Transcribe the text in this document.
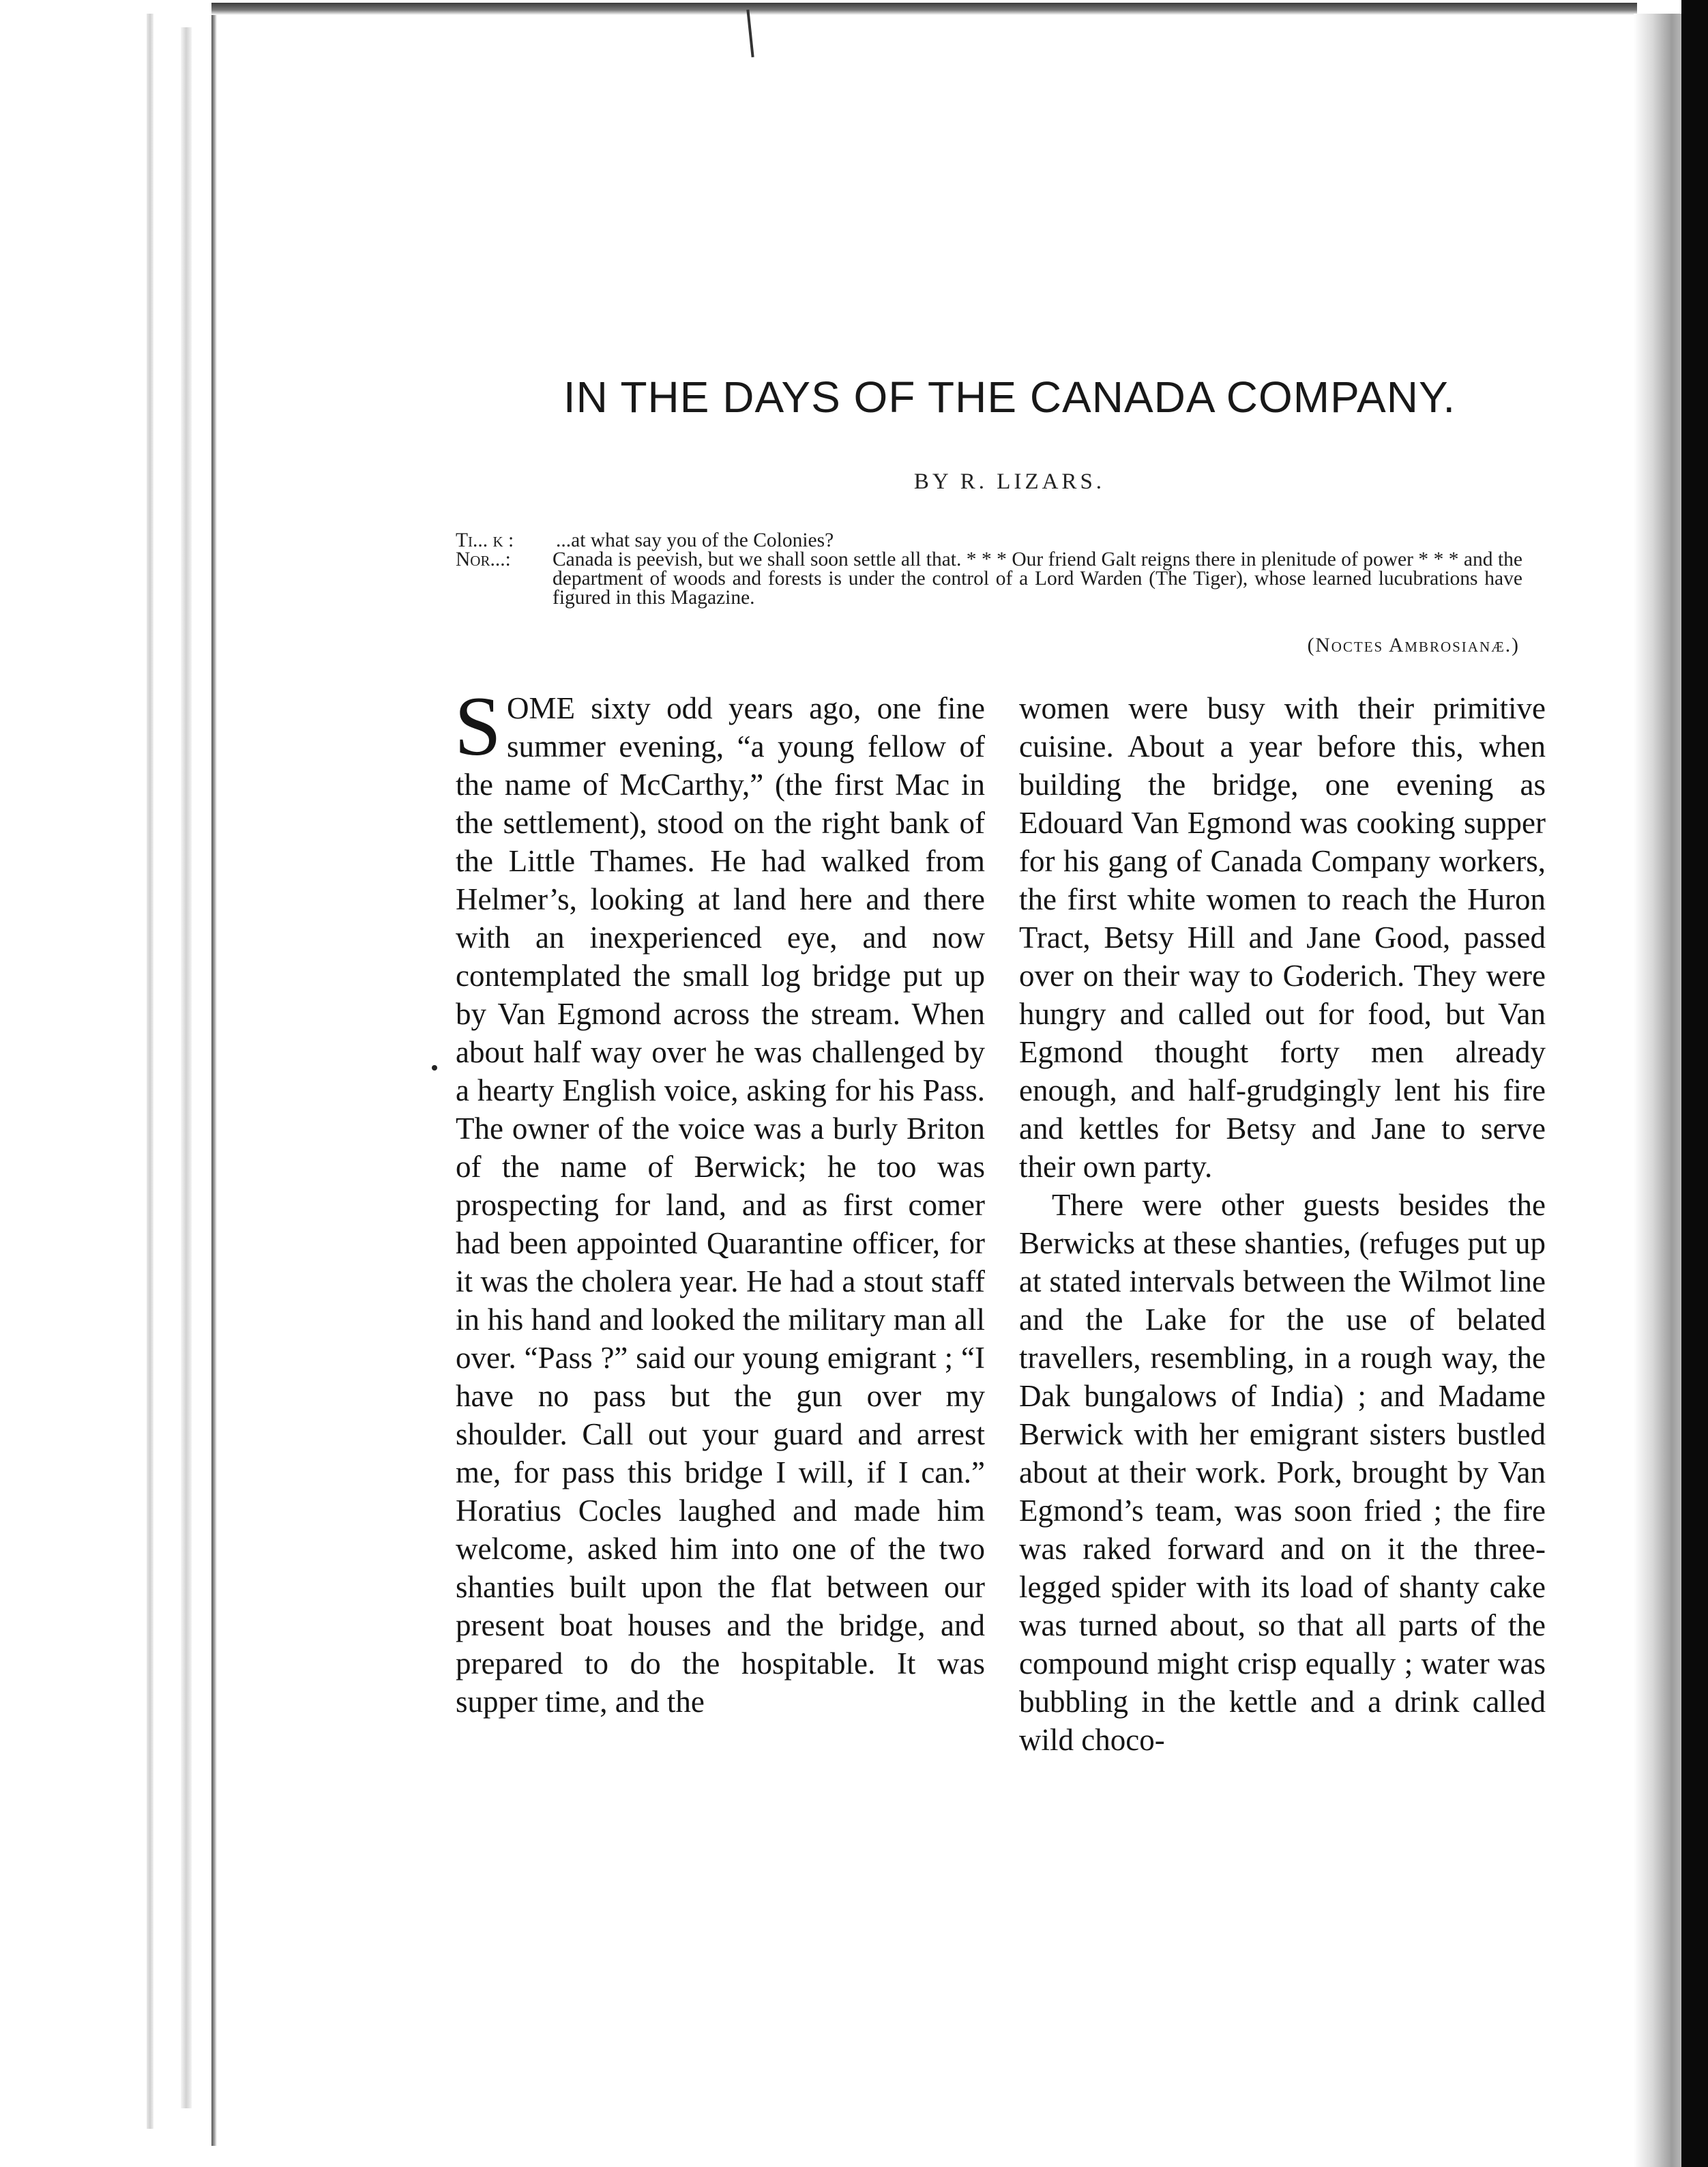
IN THE DAYS OF THE CANADA COMPANY.
BY R. LIZARS.
Ti... k : ...at what say you of the Colonies?
Nor...: Canada is peevish, but we shall soon settle all that. * * * Our friend Galt reigns there in plenitude of power * * * and the department of woods and forests is under the control of a Lord Warden (The Tiger), whose learned lucubrations have figured in this Magazine.
(Noctes Ambrosianæ.)

SOME sixty odd years ago, one fine summer evening, “a young fellow of the name of McCarthy,” (the first Mac in the settlement), stood on the right bank of the Little Thames. He had walked from Helmer’s, looking at land here and there with an inexperienced eye, and now contemplated the small log bridge put up by Van Egmond across the stream. When about half way over he was challenged by a hearty English voice, asking for his Pass. The owner of the voice was a burly Briton of the name of Berwick; he too was prospecting for land, and as first comer had been appointed Quarantine officer, for it was the cholera year. He had a stout staff in his hand and looked the military man all over. “Pass ?” said our young emigrant ; “I have no pass but the gun over my shoulder. Call out your guard and arrest me, for pass this bridge I will, if I can.” Horatius Cocles laughed and made him welcome, asked him into one of the two shanties built upon the flat between our present boat houses and the bridge, and prepared to do the hospitable. It was supper time, and the

women were busy with their primitive cuisine. About a year before this, when building the bridge, one evening as Edouard Van Egmond was cooking supper for his gang of Canada Company workers, the first white women to reach the Huron Tract, Betsy Hill and Jane Good, passed over on their way to Goderich. They were hungry and called out for food, but Van Egmond thought forty men already enough, and half-grudgingly lent his fire and kettles for Betsy and Jane to serve their own party.

There were other guests besides the Berwicks at these shanties, (refuges put up at stated intervals between the Wilmot line and the Lake for the use of belated travellers, resembling, in a rough way, the Dak bungalows of India) ; and Madame Berwick with her emigrant sisters bustled about at their work. Pork, brought by Van Egmond’s team, was soon fried ; the fire was raked forward and on it the three-legged spider with its load of shanty cake was turned about, so that all parts of the compound might crisp equally ; water was bubbling in the kettle and a drink called wild choco-
